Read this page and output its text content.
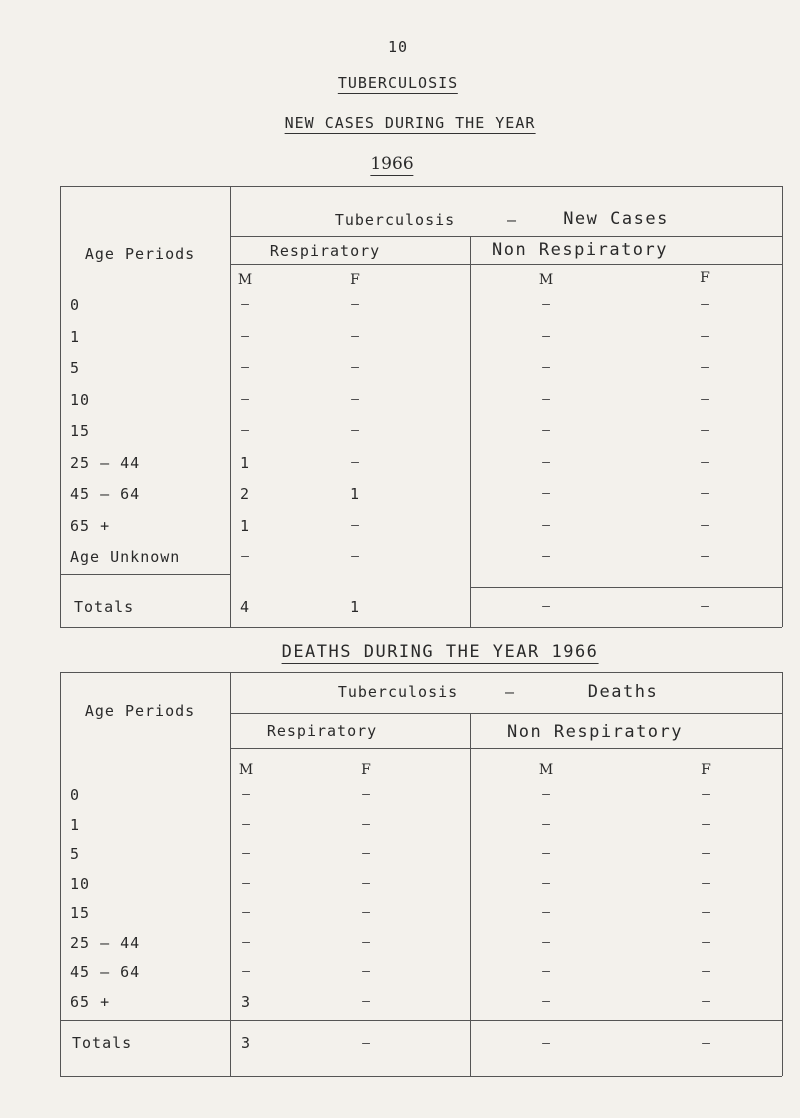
10
TUBERCULOSIS
NEW CASES DURING THE YEAR
1966
Age Periods
Tuberculosis	–	New Cases
Respiratory	Non Respiratory
M	F	M	F
0	–	–	–	–
1	–	–	–	–
5	–	–	–	–
10	–	–	–	–
15	–	–	–	–
25 – 44	1	–	–	–
45 – 64	2	1	–	–
65 +	1	–	–	–
Age Unknown	–	–	–	–
Totals	4	1	–	–
DEATHS DURING THE YEAR 1966
Age Periods
Tuberculosis	–	Deaths
Respiratory	Non Respiratory
M	F	M	F
0	–	–	–	–
1	–	–	–	–
5	–	–	–	–
10	–	–	–	–
15	–	–	–	–
25 – 44	–	–	–	–
45 – 64	–	–	–	–
65 +	3	–	–	–
Totals	3	–	–	–
